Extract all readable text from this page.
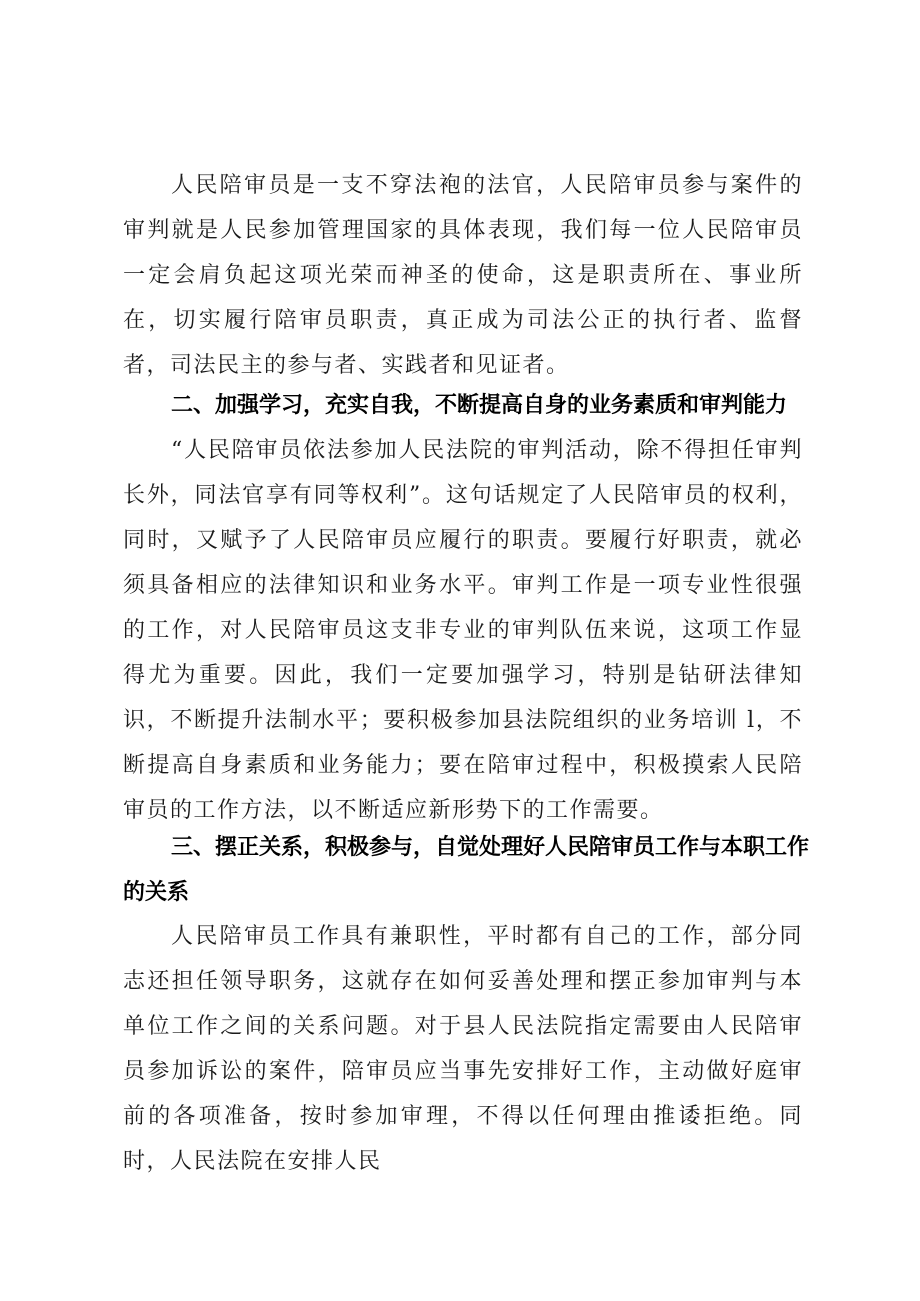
人民陪审员是一支不穿法袍的法官，人民陪审员参与案件的审判就是人民参加管理国家的具体表现，我们每一位人民陪审员一定会肩负起这项光荣而神圣的使命，这是职责所在、事业所在，切实履行陪审员职责，真正成为司法公正的执行者、监督者，司法民主的参与者、实践者和见证者。

二、加强学习，充实自我，不断提高自身的业务素质和审判能力

“人民陪审员依法参加人民法院的审判活动，除不得担任审判长外，同法官享有同等权利”。这句话规定了人民陪审员的权利，同时，又赋予了人民陪审员应履行的职责。要履行好职责，就必须具备相应的法律知识和业务水平。审判工作是一项专业性很强的工作，对人民陪审员这支非专业的审判队伍来说，这项工作显得尤为重要。因此，我们一定要加强学习，特别是钻研法律知识，不断提升法制水平；要积极参加县法院组织的业务培训 l，不断提高自身素质和业务能力；要在陪审过程中，积极摸索人民陪审员的工作方法，以不断适应新形势下的工作需要。

三、摆正关系，积极参与，自觉处理好人民陪审员工作与本职工作的关系

人民陪审员工作具有兼职性，平时都有自己的工作，部分同志还担任领导职务，这就存在如何妥善处理和摆正参加审判与本单位工作之间的关系问题。对于县人民法院指定需要由人民陪审员参加诉讼的案件，陪审员应当事先安排好工作，主动做好庭审前的各项准备，按时参加审理，不得以任何理由推诿拒绝。同时，人民法院在安排人民
